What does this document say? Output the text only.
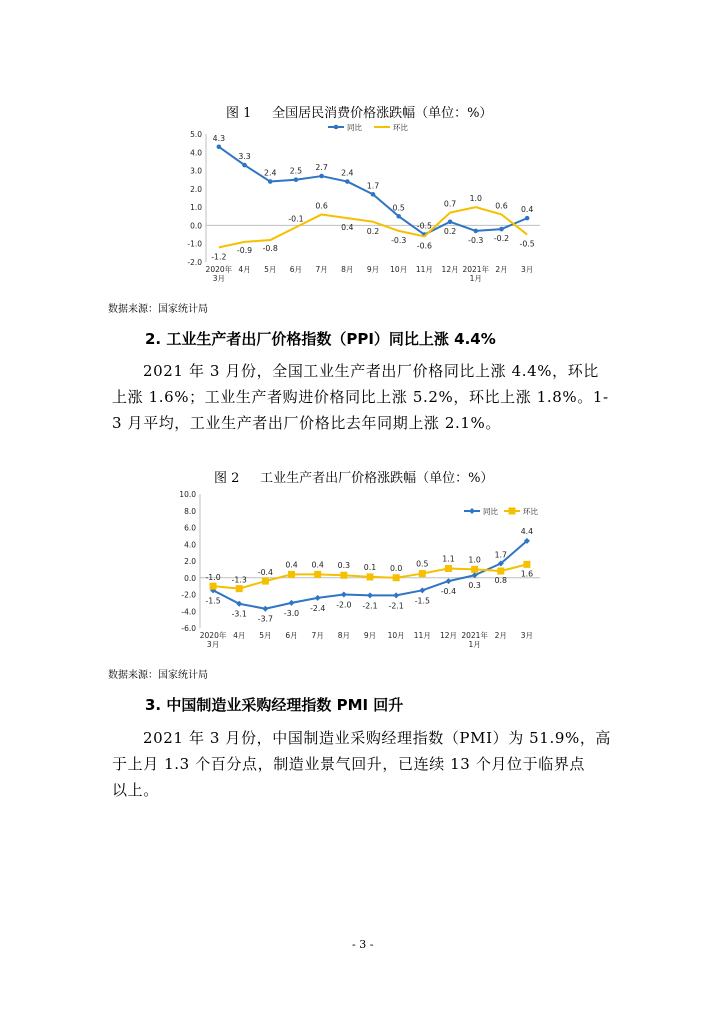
图 1     全国居民消费价格涨跌幅（单位：%）
5.0
4.0
3.0
2.0
1.0
0.0
-1.0
-2.0
2020年
3月
4月 5月 6月 7月 8月 9月 10月 11月 12月 2021年
1月
2月 3月
4.3
3.3
2.4 2.5 2.7
2.4
1.7
0.5
-0.5
0.2
-0.3 -0.2
0.4
-1.2
-0.9 -0.8
-0.1
0.6
0.4 0.2
-0.3
-0.6
0.7
1.0
0.6
-0.5
同比	环比
数据来源：国家统计局
2. 工业生产者出厂价格指数（PPI）同比上涨 4.4%

2021 年 3 月份，全国工业生产者出厂价格同比上涨 4.4%，环比

上涨 1.6%；工业生产者购进价格同比上涨 5.2%，环比上涨 1.8%。1-

3 月平均，工业生产者出厂价格比去年同期上涨 2.1%。

图 2     工业生产者出厂价格涨跌幅（单位：%）
10.0
8.0
6.0
4.0
2.0
0.0
-2.0
-4.0
-6.0
2020年
3月
4月 5月 6月 7月 8月 9月 10月 11月 12月 2021年
1月
2月 3月
-1.5
-3.1
-3.7
-3.0
-2.4 -2.0 -2.1 -2.1
-1.5
-0.4
0.3
1.7
4.4
-1.0 -1.3
-0.4
0.4 0.4 0.3 0.1 0.0 0.5
1.1 1.0
0.8
1.6
同比	环比
数据来源：国家统计局
3. 中国制造业采购经理指数 PMI 回升

2021 年 3 月份，中国制造业采购经理指数（PMI）为 51.9%，高

于上月 1.3 个百分点，制造业景气回升，已连续 13 个月位于临界点

以上。

- 3 -
